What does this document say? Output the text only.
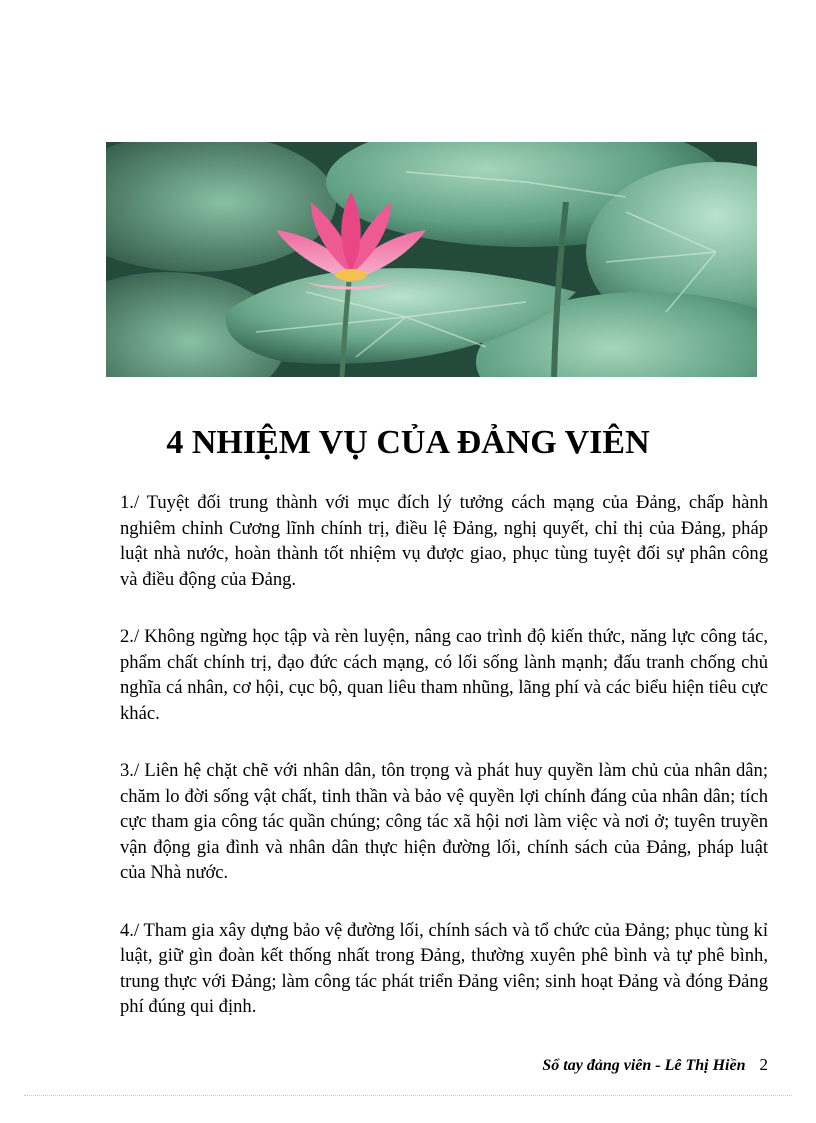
4 NHIỆM VỤ CỦA ĐẢNG VIÊN

1./ Tuyệt đối trung thành với mục đích lý tưởng cách mạng của Đảng, chấp hành nghiêm chỉnh Cương lĩnh chính trị, điều lệ Đảng, nghị quyết, chỉ thị của Đảng, pháp luật nhà nước, hoàn thành tốt nhiệm vụ được giao, phục tùng tuyệt đối sự phân công và điều động của Đảng.

2./ Không ngừng học tập và rèn luyện, nâng cao trình độ kiến thức, năng lực công tác, phẩm chất chính trị, đạo đức cách mạng, có lối sống lành mạnh; đấu tranh chống chủ nghĩa cá nhân, cơ hội, cục bộ, quan liêu tham nhũng, lãng phí và các biểu hiện tiêu cực khác.

3./ Liên hệ chặt chẽ với nhân dân, tôn trọng và phát huy quyền làm chủ của nhân dân; chăm lo đời sống vật chất, tinh thần và bảo vệ quyền lợi chính đáng của nhân dân; tích cực tham gia công tác quần chúng; công tác xã hội nơi làm việc và nơi ở; tuyên truyền vận động gia đình và nhân dân thực hiện đường lối, chính sách của Đảng, pháp luật của Nhà nước.

4./ Tham gia xây dựng bảo vệ đường lối, chính sách và tổ chức của Đảng; phục tùng kỉ luật, giữ gìn đoàn kết thống nhất trong Đảng, thường xuyên phê bình và tự phê bình, trung thực với Đảng; làm công tác phát triển Đảng viên; sinh hoạt Đảng và đóng Đảng phí đúng qui định.

Sổ tay đảng viên - Lê Thị Hiền 2
